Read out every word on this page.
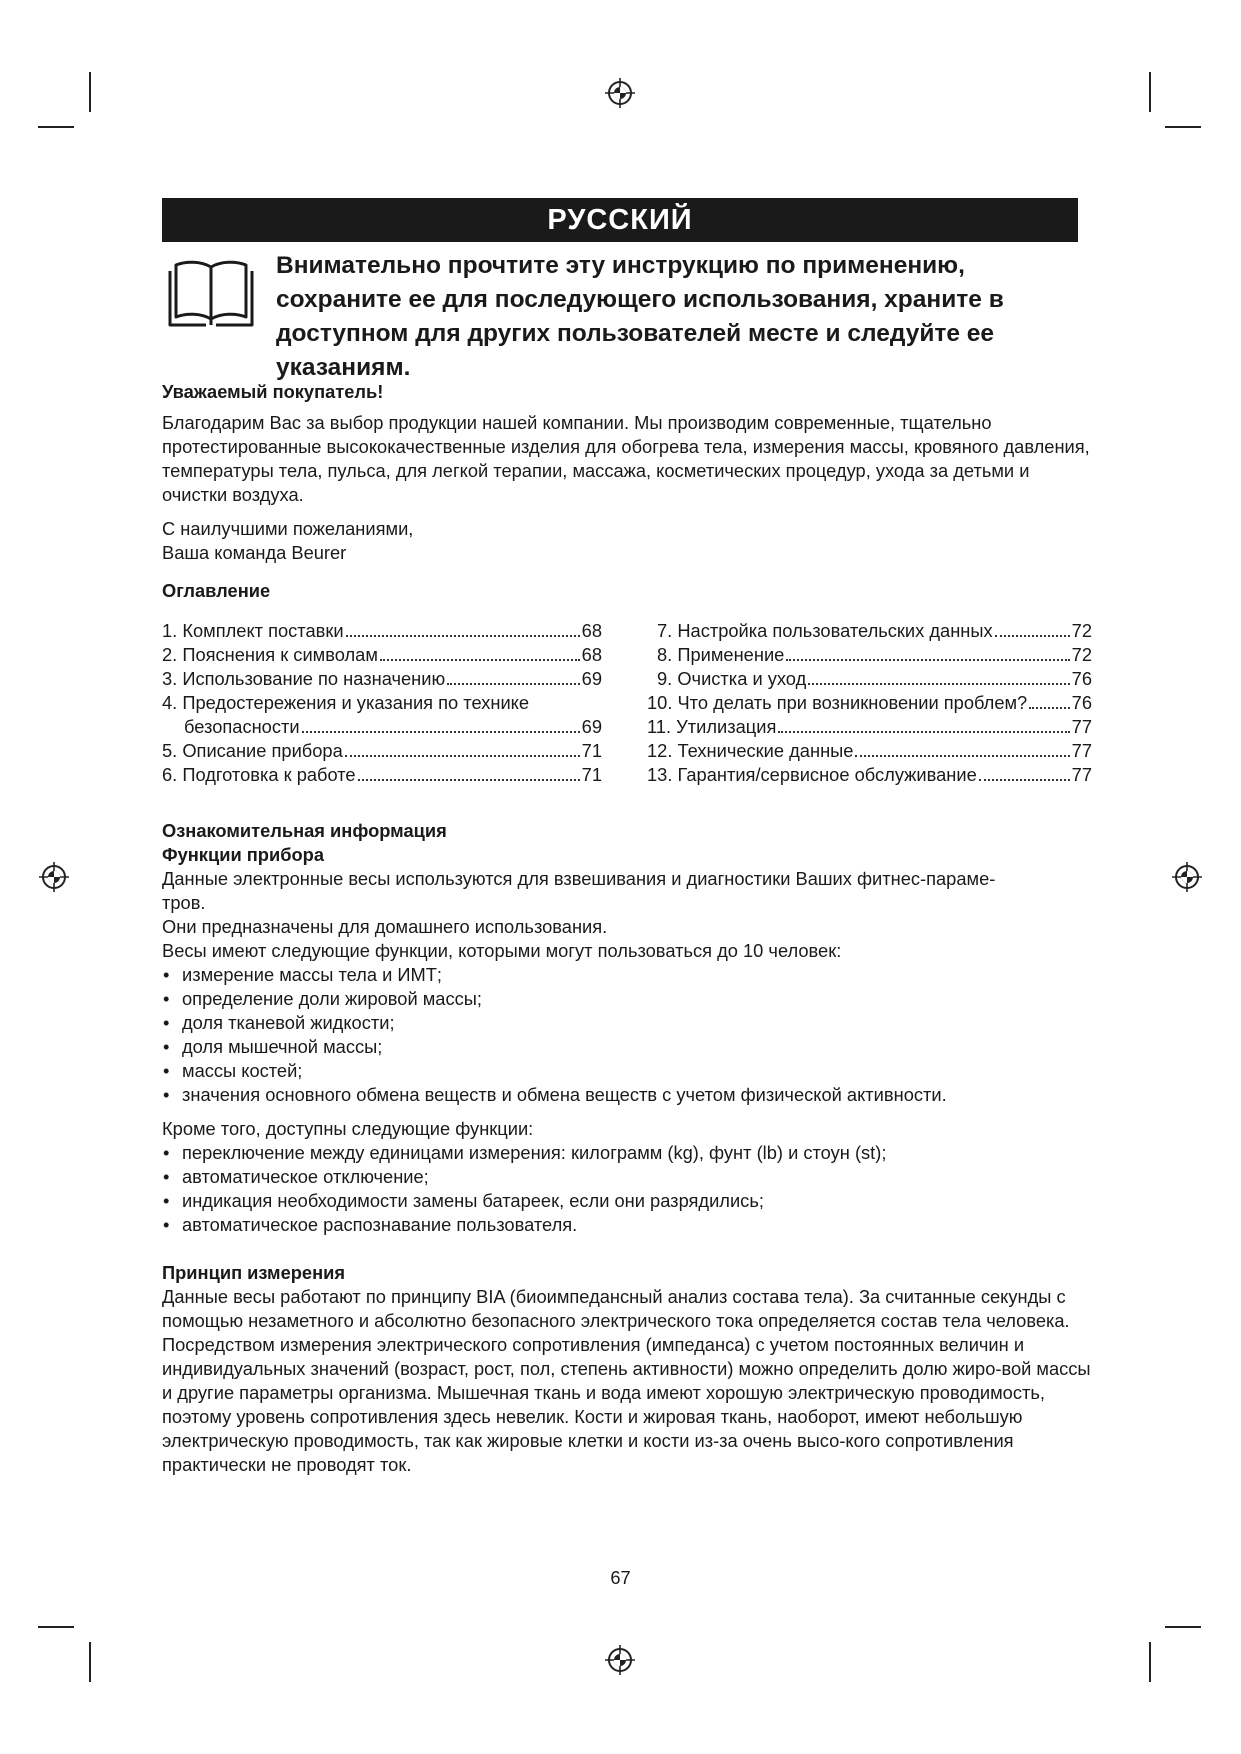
РУССКИЙ

Внимательно прочтите эту инструкцию по применению, сохраните ее для последующего использования, храните в доступном для других пользователей месте и следуйте ее указаниям.

Уважаемый покупатель!

Благодарим Вас за выбор продукции нашей компании. Мы производим современные, тщательно протестированные высококачественные изделия для обогрева тела, измерения массы, кровяного давления, температуры тела, пульса, для легкой терапии, массажа, косметических процедур, ухода за детьми и очистки воздуха.

С наилучшими пожеланиями,

Ваша команда Beurer

Оглавление

1. Комплект поставки	68
2. Пояснения к символам	68
3. Использование по назначению	69
4. Предостережения и указания по технике
безопасности	69
5. Описание прибора	71
6. Подготовка к работе	71
7. Настройка пользовательских данных	72
8. Применение	72
9. Очистка и уход	76
10. Что делать при возникновении проблем? 76
11. Утилизация	77
12. Технические данные	77
13. Гарантия/сервисное обслуживание	77

Ознакомительная информация

Функции прибора

Данные электронные весы используются для взвешивания и диагностики Ваших фитнес-параме-

тров.

Они предназначены для домашнего использования.

Весы имеют следующие функции, которыми могут пользоваться до 10 человек:

• измерение массы тела и ИМТ;
• определение доли жировой массы;
• доля тканевой жидкости;
• доля мышечной массы;
• массы костей;
• значения основного обмена веществ и обмена веществ с учетом физической активности.

Кроме того, доступны следующие функции:

• переключение между единицами измерения: килограмм (kg), фунт (lb) и стоун (st);
• автоматическое отключение;
• индикация необходимости замены батареек, если они разрядились;
• автоматическое распознавание пользователя.

Принцип измерения

Данные весы работают по принципу BIA (биоимпедансный анализ состава тела). За считанные секунды с помощью незаметного и абсолютно безопасного электрического тока определяется состав тела человека.

Посредством измерения электрического сопротивления (импеданса) с учетом постоянных величин и индивидуальных значений (возраст, рост, пол, степень активности) можно определить долю жиро-вой массы и другие параметры организма. Мышечная ткань и вода имеют хорошую электрическую проводимость, поэтому уровень сопротивления здесь невелик. Кости и жировая ткань, наоборот, имеют небольшую электрическую проводимость, так как жировые клетки и кости из-за очень высо-кого сопротивления практически не проводят ток.

67
